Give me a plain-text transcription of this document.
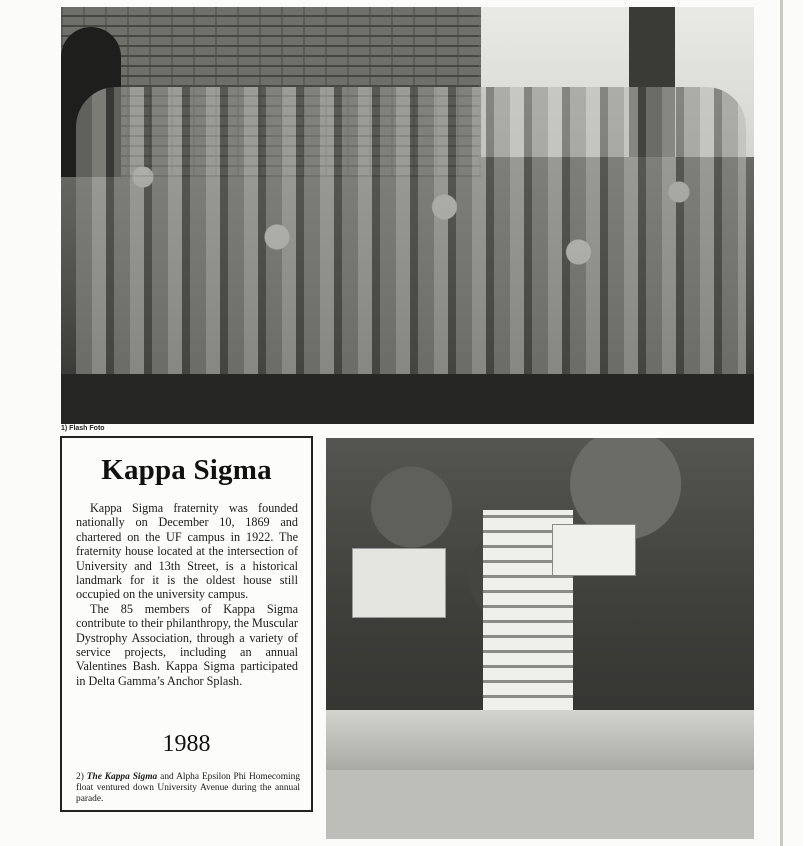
1) Flash Foto
Kappa Sigma

Kappa Sigma fraternity was founded nationally on December 10, 1869 and chartered on the UF campus in 1922. The fraternity house located at the intersection of University and 13th Street, is a historical landmark for it is the oldest house still occupied on the university campus.

The 85 members of Kappa Sigma contribute to their philanthropy, the Muscular Dystrophy Association, through a variety of service projects, including an annual Valentines Bash. Kappa Sigma participated in Delta Gamma’s Anchor Splash.

1988
2) The Kappa Sigma and Alpha Epsilon Phi Homecoming float ventured down University Avenue during the annual parade.
